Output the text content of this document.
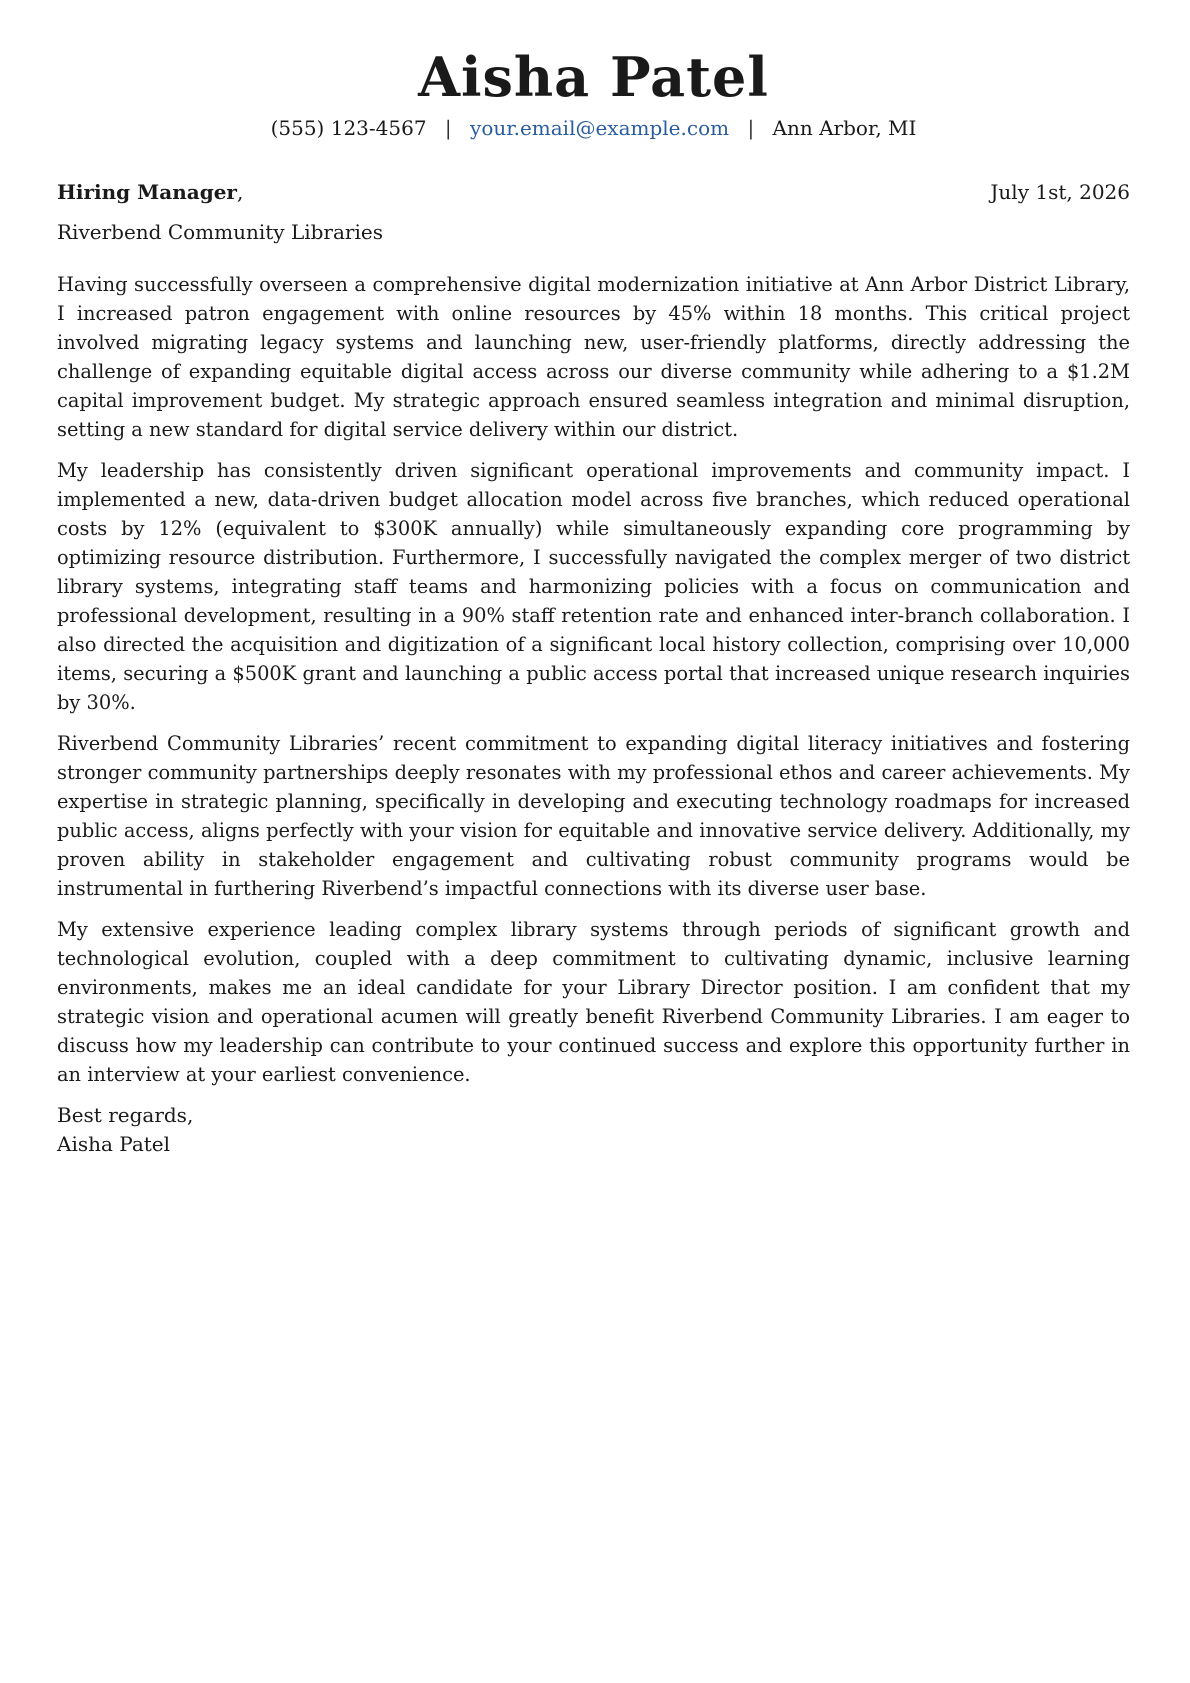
Aisha Patel
(555) 123-4567 | your.email@example.com | Ann Arbor, MI
Hiring Manager,	July 1st, 2026
Riverbend Community Libraries

Having successfully overseen a comprehensive digital modernization initiative at Ann Arbor District Library, I increased patron engagement with online resources by 45% within 18 months. This critical project involved migrating legacy systems and launching new, user-friendly platforms, directly addressing the challenge of expanding equitable digital access across our diverse community while adhering to a $1.2M capital improvement budget. My strategic approach ensured seamless integration and minimal disruption, setting a new standard for digital service delivery within our district.

My leadership has consistently driven significant operational improvements and community impact. I implemented a new, data-driven budget allocation model across five branches, which reduced operational costs by 12% (equivalent to $300K annually) while simultaneously expanding core programming by optimizing resource distribution. Furthermore, I successfully navigated the complex merger of two district library systems, integrating staff teams and harmonizing policies with a focus on communication and professional development, resulting in a 90% staff retention rate and enhanced inter-branch collaboration. I also directed the acquisition and digitization of a significant local history collection, comprising over 10,000 items, securing a $500K grant and launching a public access portal that increased unique research inquiries by 30%.

Riverbend Community Libraries’ recent commitment to expanding digital literacy initiatives and fostering stronger community partnerships deeply resonates with my professional ethos and career achievements. My expertise in strategic planning, specifically in developing and executing technology roadmaps for increased public access, aligns perfectly with your vision for equitable and innovative service delivery. Additionally, my proven ability in stakeholder engagement and cultivating robust community programs would be instrumental in furthering Riverbend’s impactful connections with its diverse user base.

My extensive experience leading complex library systems through periods of significant growth and technological evolution, coupled with a deep commitment to cultivating dynamic, inclusive learning environments, makes me an ideal candidate for your Library Director position. I am confident that my strategic vision and operational acumen will greatly benefit Riverbend Community Libraries. I am eager to discuss how my leadership can contribute to your continued success and explore this opportunity further in an interview at your earliest convenience.

Best regards,
Aisha Patel
